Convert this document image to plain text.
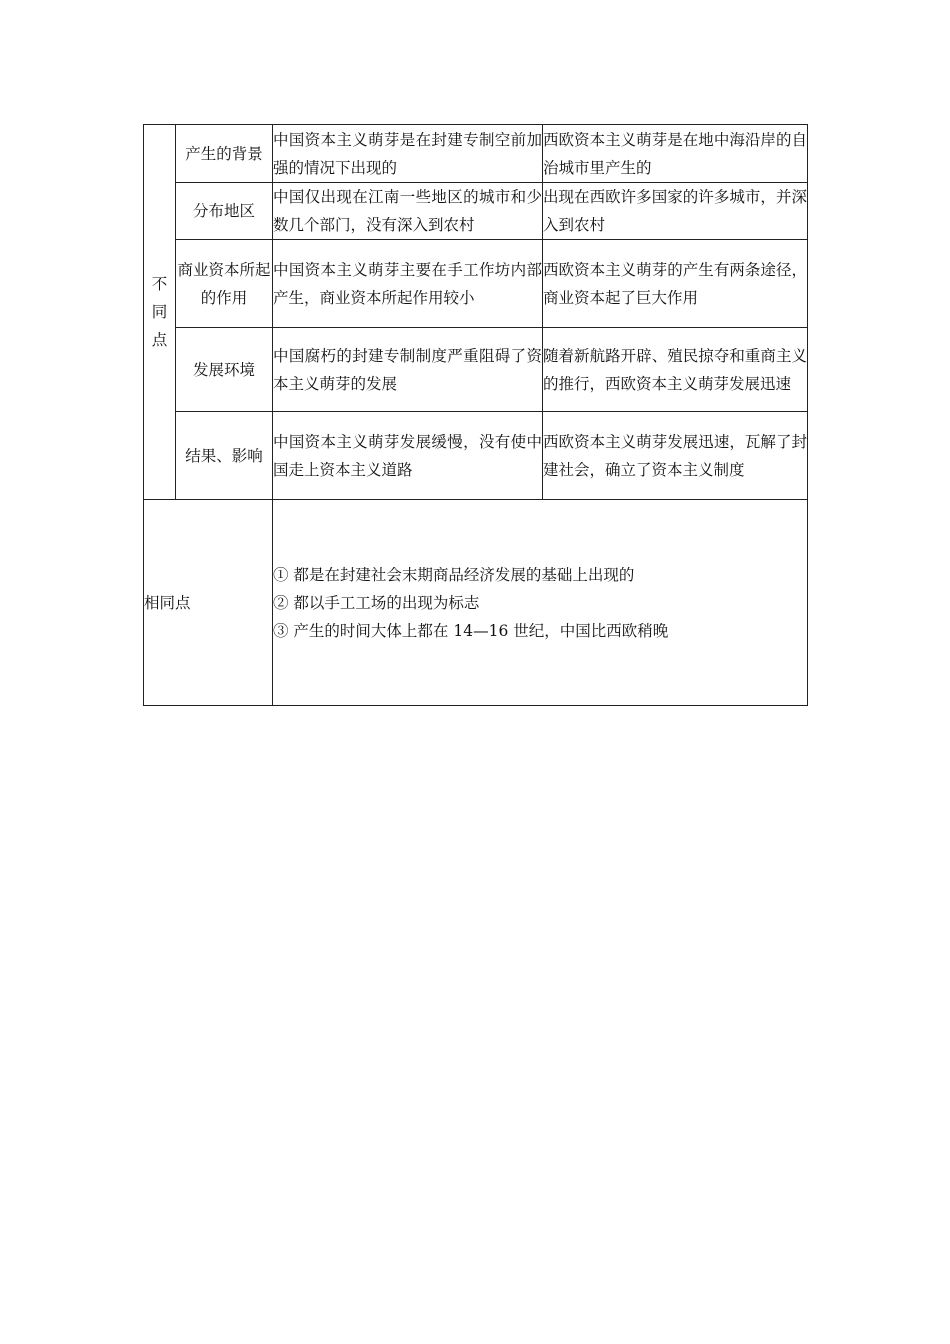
不同点	产生的背景	中国资本主义萌芽是在封建专制空前加强的情况下出现的	西欧资本主义萌芽是在地中海沿岸的自治城市里产生的
	分布地区	中国仅出现在江南一些地区的城市和少数几个部门，没有深入到农村	出现在西欧许多国家的许多城市，并深入到农村
	商业资本所起的作用	中国资本主义萌芽主要在手工作坊内部产生，商业资本所起作用较小	西欧资本主义萌芽的产生有两条途径，商业资本起了巨大作用
	发展环境	中国腐朽的封建专制制度严重阻碍了资本主义萌芽的发展	随着新航路开辟、殖民掠夺和重商主义的推行，西欧资本主义萌芽发展迅速
	结果、影响	中国资本主义萌芽发展缓慢，没有使中国走上资本主义道路	西欧资本主义萌芽发展迅速，瓦解了封建社会，确立了资本主义制度
相同点		① 都是在封建社会末期商品经济发展的基础上出现的
② 都以手工工场的出现为标志
③ 产生的时间大体上都在 14—16 世纪，中国比西欧稍晚	
